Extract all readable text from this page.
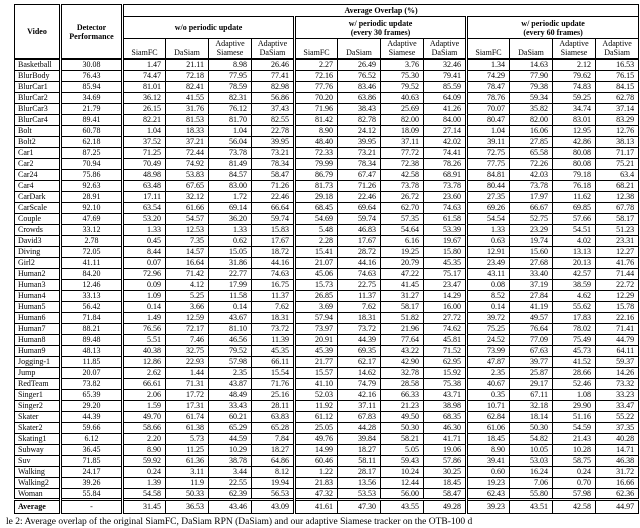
Video	Detector Performance	Average Overlap (%)											

w/o periodic update	w/ periodic update
(every 30 frames)

w/ periodic update
(every 60 frames)

		SiamFC	DaSiam	Adaptive Siamese	Adaptive DaSiam	SiamFC	DaSiam	Adaptive Siamese	Adaptive DaSiam	SiamFC	DaSiam	Adaptive Siamese	Adaptive DaSiam
Basketball	30.08	1.47	21.11	8.98	26.46	2.27	26.49	3.76	32.46	1.34	14.63	2.12	16.53
BlurBody	76.43	74.47	72.18	77.95	77.41	72.16	76.52	75.30	79.41	74.29	77.90	79.62	76.15
BlurCar1	85.94	81.01	82.41	78.59	82.98	77.76	83.46	79.52	85.59	78.47	79.38	74.83	84.15
BlurCar2	34.69	36.12	41.55	82.31	56.86	70.20	63.86	40.63	64.09	78.76	59.34	59.25	62.78
BlurCar3	21.79	26.15	31.76	76.12	37.43	71.96	38.43	25.69	41.26	70.07	35.82	34.74	37.14
BlurCar4	89.41	82.21	81.53	81.70	82.55	81.42	82.78	82.00	84.00	80.47	82.00	83.01	83.29
Bolt	60.78	1.04	18.33	1.04	22.78	8.90	24.12	18.09	27.14	1.04	16.06	12.95	12.76
Bolt2	62.18	37.52	37.21	56.04	39.95	48.40	39.95	37.11	42.02	39.11	27.85	42.86	38.13
Car1	87.25	71.25	72.44	73.78	73.21	72.33	73.21	77.72	74.41	72.75	65.58	80.08	71.17
Car2	70.94	70.49	74.92	81.49	78.34	79.99	78.34	72.38	78.26	77.75	72.26	80.08	75.21
Car24	75.86	48.98	53.83	84.57	58.47	86.79	67.47	42.58	68.91	84.81	42.03	79.18	63.4
Car4	92.63	63.48	67.65	83.00	71.26	81.73	71.26	73.78	73.78	80.44	73.78	76.18	68.21
CarDark	28.91	17.11	32.12	1.72	22.46	29.18	22.46	26.72	23.60	27.35	17.97	11.62	12.38
CarScale	92.10	63.54	61.66	69.14	66.64	68.45	69.64	62.70	74.63	69.26	66.67	69.85	67.78
Couple	47.69	53.20	54.57	36.20	59.74	54.69	59.74	57.35	61.58	54.54	52.75	57.66	58.17
Crowds	33.12	1.33	12.53	1.33	15.83	5.48	46.83	54.64	53.39	1.33	23.29	54.51	51.23
David3	2.78	0.45	7.35	0.62	17.67	2.28	17.67	6.16	19.67	0.63	19.74	4.02	23.31
Diving	72.05	8.44	14.57	15.05	18.72	15.41	28.72	19.25	15.80	12.91	15.60	13.13	12.27
Girl2	41.11	0.07	16.64	31.86	44.16	21.07	44.16	20.79	45.35	23.49	27.68	20.13	41.76
Human2	84.20	72.96	71.42	22.77	74.63	45.06	74.63	47.22	75.17	43.11	33.40	42.57	71.44
Human3	12.46	0.09	4.12	17.99	16.75	15.73	22.75	41.45	23.47	0.08	37.19	38.59	22.72
Human4	33.13	1.09	5.25	11.58	11.37	26.85	11.37	31.27	14.29	8.52	27.84	4.62	12.29
Human5	56.42	0.14	3.66	0.14	7.62	3.69	7.62	58.17	16.00	0.14	41.19	55.62	15.78
Human6	71.84	1.49	12.59	43.67	18.31	57.94	18.31	51.82	27.72	39.72	49.57	17.83	22.16
Human7	88.21	76.56	72.17	81.10	73.72	73.97	73.72	21.96	74.62	75.25	76.64	78.02	71.41
Human8	89.48	5.51	7.46	46.56	11.39	20.91	44.39	77.64	45.81	24.52	77.09	75.49	44.79
Human9	48.13	40.38	32.75	79.52	45.35	45.39	69.35	43.22	71.52	73.99	67.63	45.73	64.11
Jogging-1	11.85	12.86	22.93	57.98	66.11	21.77	62.17	42.90	62.95	47.87	39.77	41.52	59.37
Jump	20.07	2.62	1.44	2.35	15.54	15.57	14.62	32.78	15.92	2.35	25.87	28.66	14.26
RedTeam	73.82	66.61	71.31	43.87	71.76	41.10	74.79	28.58	75.38	40.67	29.17	52.46	73.32
Singer1	65.39	2.06	17.72	48.49	25.16	52.03	42.16	66.33	43.71	0.35	67.11	1.08	33.23
Singer2	29.20	1.59	17.31	33.43	28.11	11.92	37.11	21.23	38.98	10.71	32.18	29.90	33.47
Skater	44.39	49.70	61.74	60.21	63.83	61.12	67.83	49.50	68.35	62.84	18.14	51.16	55.22
Skater2	59.66	58.66	61.38	65.29	65.28	25.05	44.28	50.30	46.30	61.06	50.30	54.59	37.35
Skating1	6.12	2.20	5.73	44.59	7.84	49.76	39.84	58.21	41.71	18.45	54.82	21.43	40.28
Subway	36.45	8.90	11.25	10.29	18.27	14.99	18.27	5.05	19.06	8.90	10.05	10.28	14.71
Suv	71.85	59.92	61.36	38.78	64.86	60.46	58.11	59.43	57.86	39.41	53.03	58.75	46.38
Walking	24.17	0.24	3.11	3.44	8.12	1.22	28.17	10.24	30.25	0.60	16.24	0.24	31.72
Walking2	39.26	1.39	11.9	22.55	19.94	21.83	13.56	12.44	18.45	19.23	7.06	0.70	16.66
Woman	55.84	54.58	50.33	62.39	56.53	47.32	53.53	56.00	58.47	62.43	55.80	57.98	62.36
Average	-	31.45	36.53	43.46	43.09	41.61	47.30	43.55	49.28	39.23	43.51	42.58	44.97
le 2: Average overlap of the original SiamFC, DaSiam RPN (DaSiam) and our adaptive Siamese tracker on the OTB-100 d
